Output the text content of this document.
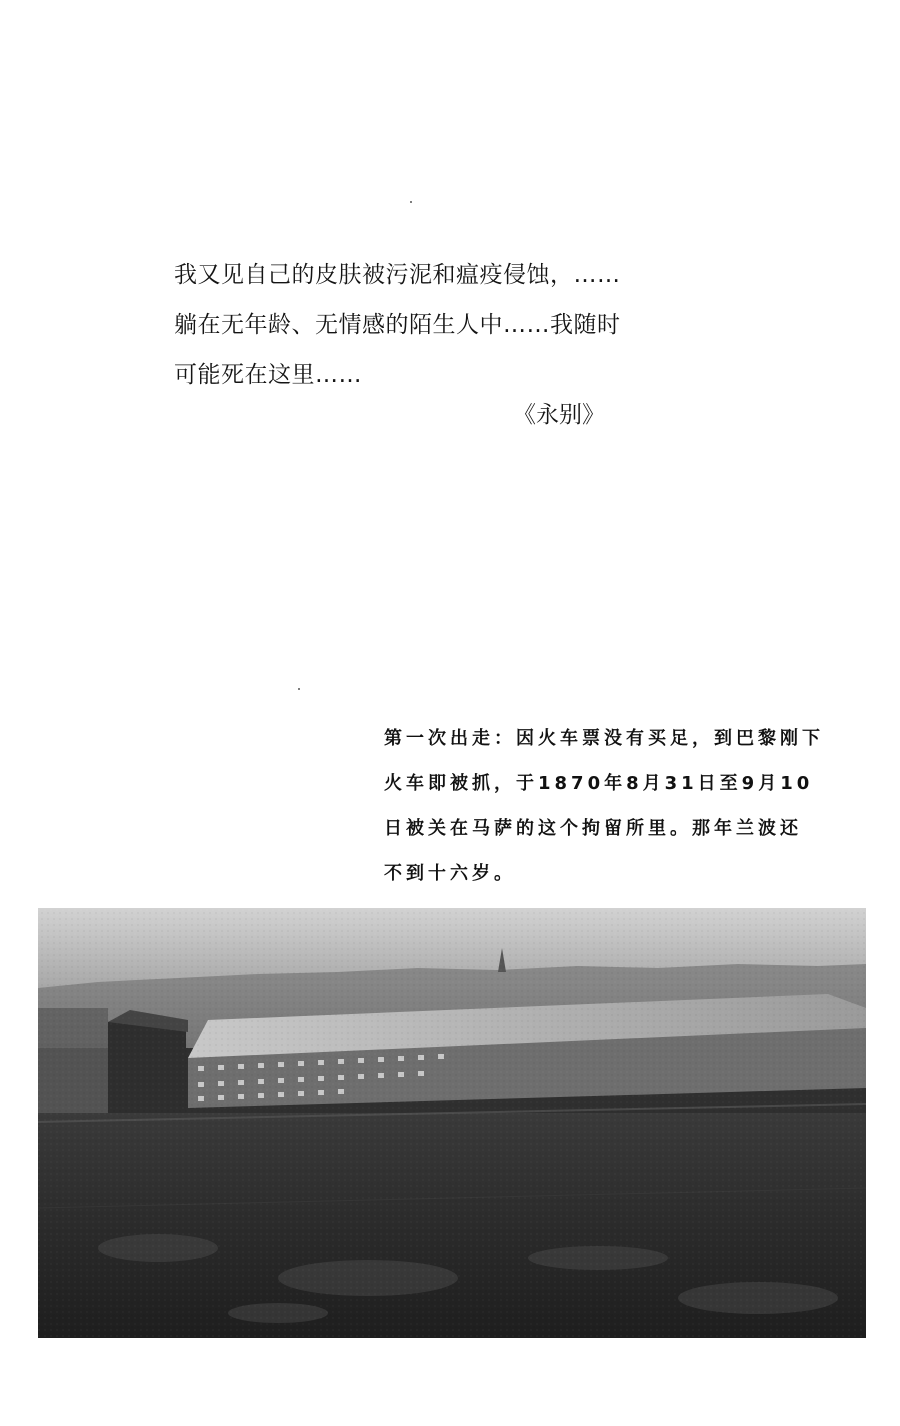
我又见自己的皮肤被污泥和瘟疫侵蚀，……
躺在无年龄、无情感的陌生人中……我随时
可能死在这里……
《永别》
第一次出走：因火车票没有买足，到巴黎刚下
火车即被抓，于1870年8月31日至9月10
日被关在马萨的这个拘留所里。那年兰波还
不到十六岁。
